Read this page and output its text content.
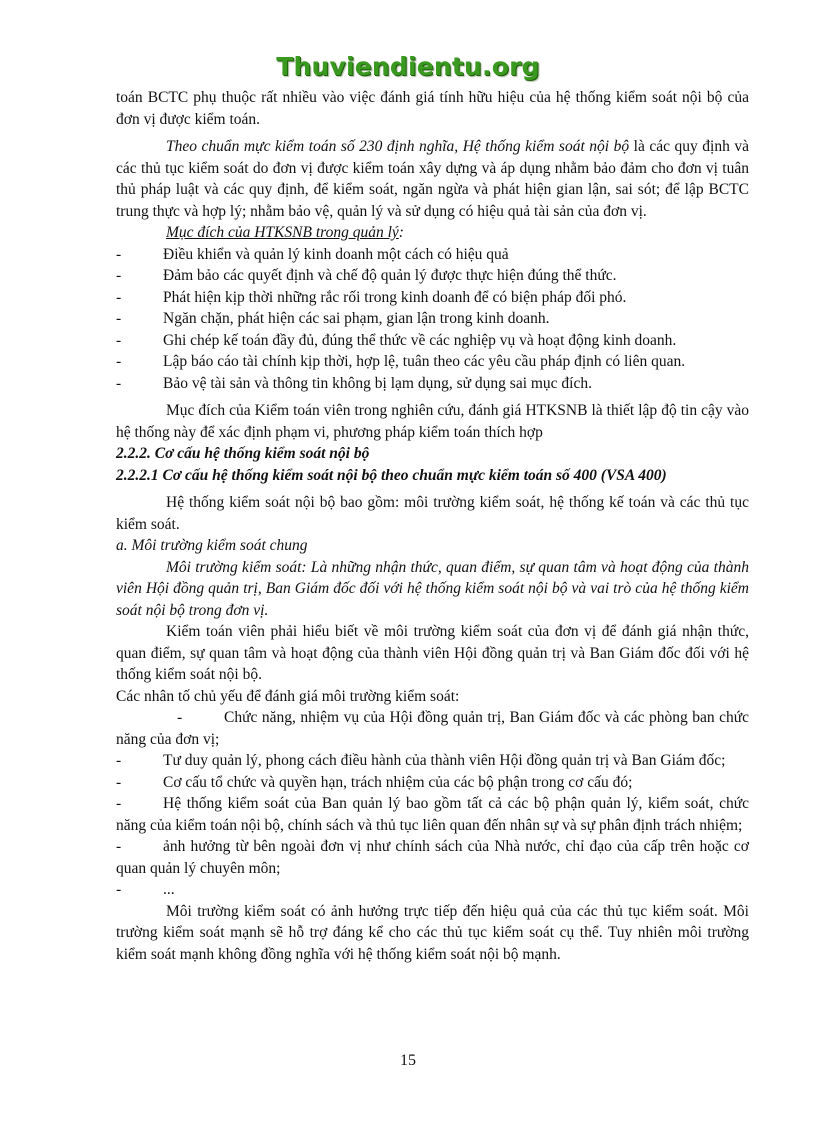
Thuviendientu.org

toán BCTC phụ thuộc rất nhiều vào việc đánh giá tính hữu hiệu của hệ thống kiểm soát nội bộ của đơn vị được kiểm toán.

Theo chuẩn mực kiểm toán số 230 định nghĩa, Hệ thống kiểm soát nội bộ là các quy định và các thủ tục kiểm soát do đơn vị được kiểm toán xây dựng và áp dụng nhằm bảo đảm cho đơn vị tuân thủ pháp luật và các quy định, để kiểm soát, ngăn ngừa và phát hiện gian lận, sai sót; để lập BCTC trung thực và hợp lý; nhằm bảo vệ, quản lý và sử dụng có hiệu quả tài sản của đơn vị.

Mục đích của HTKSNB trong quản lý:

-	Điều khiển và quản lý kinh doanh một cách có hiệu quả
-	Đảm bảo các quyết định và chế độ quản lý được thực hiện đúng thể thức.
-	Phát hiện kịp thời những rắc rối trong kinh doanh để có biện pháp đối phó.
-	Ngăn chặn, phát hiện các sai phạm, gian lận trong kinh doanh.
-	Ghi chép kế toán đầy đủ, đúng thể thức về các nghiệp vụ và hoạt động kinh doanh.
-	Lập báo cáo tài chính kịp thời, hợp lệ, tuân theo các yêu cầu pháp định có liên quan.
-	Bảo vệ tài sản và thông tin không bị lạm dụng, sử dụng sai mục đích.

Mục đích của Kiểm toán viên trong nghiên cứu, đánh giá HTKSNB là thiết lập độ tin cậy vào hệ thống này để xác định phạm vi, phương pháp kiểm toán thích hợp

2.2.2. Cơ cấu hệ thống kiểm soát nội bộ

2.2.2.1 Cơ cấu hệ thống kiểm soát nội bộ theo chuẩn mực kiểm toán số 400 (VSA 400)

Hệ thống kiểm soát nội bộ bao gồm: môi trường kiểm soát, hệ thống kế toán và các thủ tục kiểm soát.

a. Môi trường kiểm soát chung

Môi trường kiểm soát: Là những nhận thức, quan điểm, sự quan tâm và hoạt động của thành viên Hội đồng quản trị, Ban Giám đốc đối với hệ thống kiểm soát nội bộ và vai trò của hệ thống kiểm soát nội bộ trong đơn vị.

Kiểm toán viên phải hiểu biết về môi trường kiểm soát của đơn vị để đánh giá nhận thức, quan điểm, sự quan tâm và hoạt động của thành viên Hội đồng quản trị và Ban Giám đốc đối với hệ thống kiểm soát nội bộ.

Các nhân tố chủ yếu để đánh giá môi trường kiểm soát:

-	Chức năng, nhiệm vụ của Hội đồng quản trị, Ban Giám đốc và các phòng ban chức năng của đơn vị;

-	Tư duy quản lý, phong cách điều hành của thành viên Hội đồng quản trị và Ban Giám đốc;

-	Cơ cấu tổ chức và quyền hạn, trách nhiệm của các bộ phận trong cơ cấu đó;

-	Hệ thống kiểm soát của Ban quản lý bao gồm tất cả các bộ phận quản lý, kiểm soát, chức năng của kiểm toán nội bộ, chính sách và thủ tục liên quan đến nhân sự và sự phân định trách nhiệm;

-	ảnh hưởng từ bên ngoài đơn vị như chính sách của Nhà nước, chỉ đạo của cấp trên hoặc cơ quan quản lý chuyên môn;

-	...

Môi trường kiểm soát có ảnh hưởng trực tiếp đến hiệu quả của các thủ tục kiểm soát. Môi trường kiểm soát mạnh sẽ hỗ trợ đáng kể cho các thủ tục kiểm soát cụ thể. Tuy nhiên môi trường kiểm soát mạnh không đồng nghĩa với hệ thống kiểm soát nội bộ mạnh.

15
